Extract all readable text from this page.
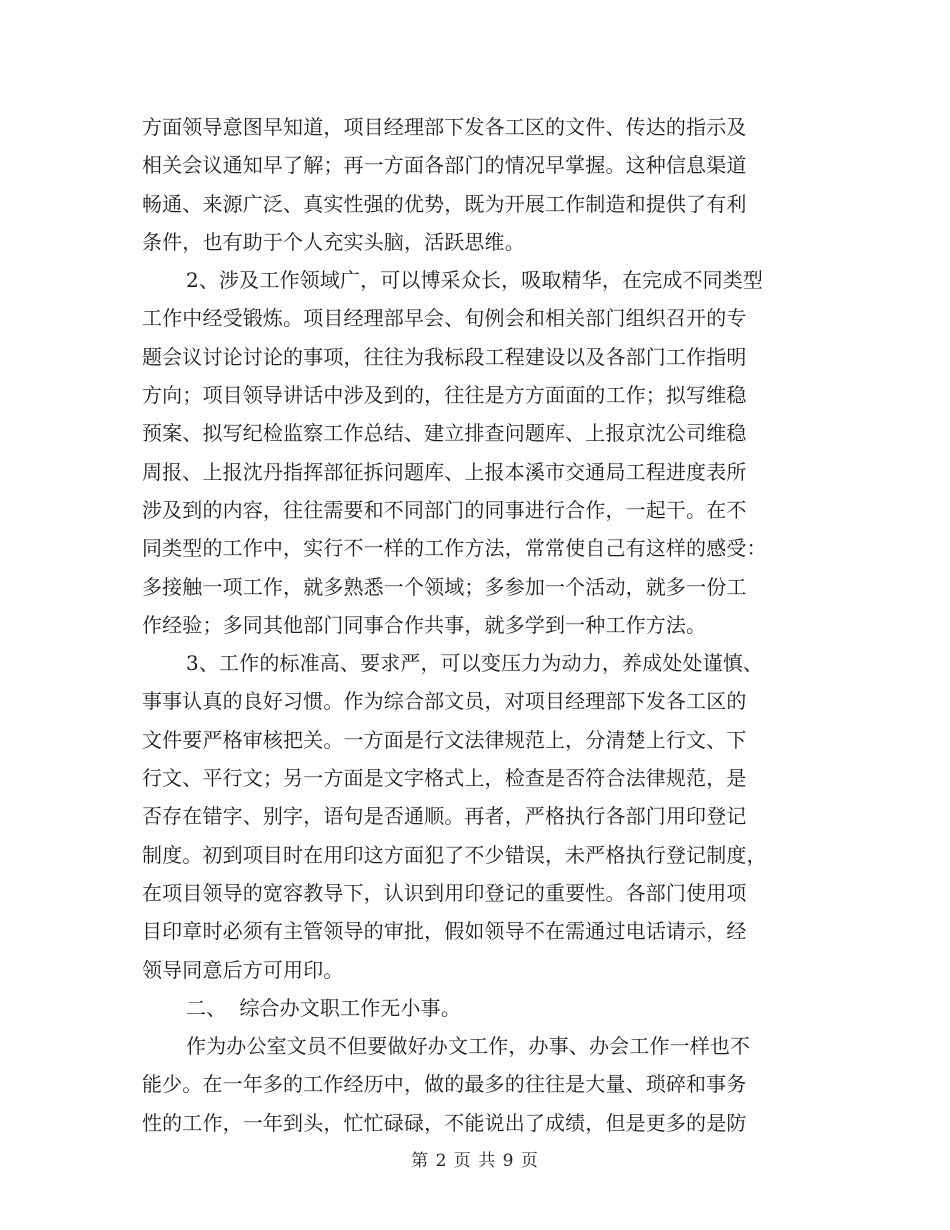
方面领导意图早知道，项目经理部下发各工区的文件、传达的指示及
相关会议通知早了解；再一方面各部门的情况早掌握。这种信息渠道
畅通、来源广泛、真实性强的优势，既为开展工作制造和提供了有利
条件，也有助于个人充实头脑，活跃思维。
2、涉及工作领域广，可以博采众长，吸取精华，在完成不同类型
工作中经受锻炼。项目经理部早会、旬例会和相关部门组织召开的专
题会议讨论讨论的事项，往往为我标段工程建设以及各部门工作指明
方向；项目领导讲话中涉及到的，往往是方方面面的工作；拟写维稳
预案、拟写纪检监察工作总结、建立排查问题库、上报京沈公司维稳
周报、上报沈丹指挥部征拆问题库、上报本溪市交通局工程进度表所
涉及到的内容，往往需要和不同部门的同事进行合作，一起干。在不
同类型的工作中，实行不一样的工作方法，常常使自己有这样的感受：
多接触一项工作，就多熟悉一个领域；多参加一个活动，就多一份工
作经验；多同其他部门同事合作共事，就多学到一种工作方法。
3、工作的标准高、要求严，可以变压力为动力，养成处处谨慎、
事事认真的良好习惯。作为综合部文员，对项目经理部下发各工区的
文件要严格审核把关。一方面是行文法律规范上，分清楚上行文、下
行文、平行文；另一方面是文字格式上，检查是否符合法律规范，是
否存在错字、别字，语句是否通顺。再者，严格执行各部门用印登记
制度。初到项目时在用印这方面犯了不少错误，未严格执行登记制度，
在项目领导的宽容教导下，认识到用印登记的重要性。各部门使用项
目印章时必须有主管领导的审批，假如领导不在需通过电话请示，经
领导同意后方可用印。
二、  综合办文职工作无小事。
作为办公室文员不但要做好办文工作，办事、办会工作一样也不
能少。在一年多的工作经历中，做的最多的往往是大量、琐碎和事务
性的工作，一年到头，忙忙碌碌，不能说出了成绩，但是更多的是防
第 2 页 共 9 页
